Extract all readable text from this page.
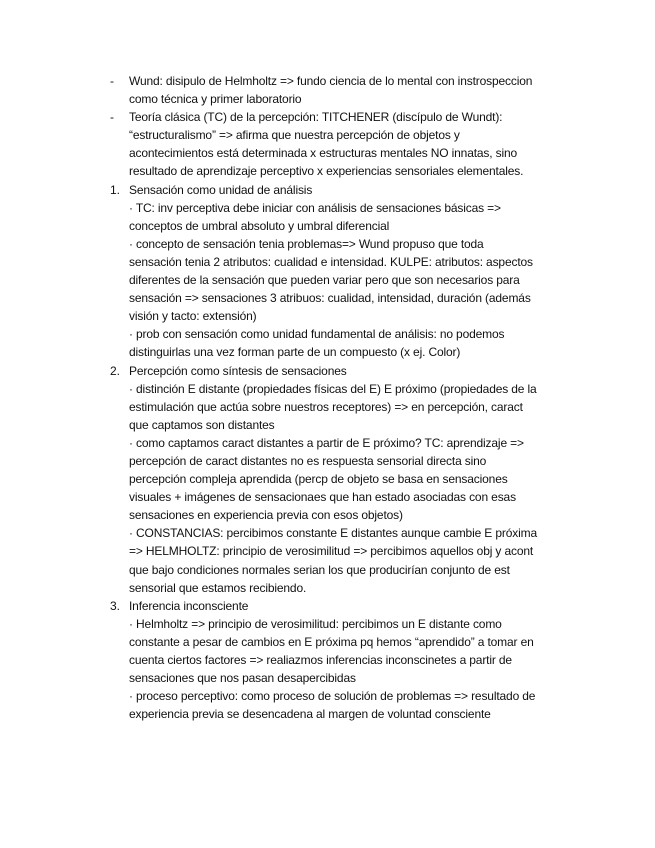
- Wund: disipulo de Helmholtz => fundo ciencia de lo mental con instrospeccion
como técnica y primer laboratorio
- Teoría clásica (TC) de la percepción: TITCHENER (discípulo de Wundt):
“estructuralismo” => afirma que nuestra percepción de objetos y
acontecimientos está determinada x estructuras mentales NO innatas, sino
resultado de aprendizaje perceptivo x experiencias sensoriales elementales.
1. Sensación como unidad de análisis
· TC: inv perceptiva debe iniciar con análisis de sensaciones básicas =>
conceptos de umbral absoluto y umbral diferencial
· concepto de sensación tenia problemas=> Wund propuso que toda
sensación tenia 2 atributos: cualidad e intensidad. KULPE: atributos: aspectos
diferentes de la sensación que pueden variar pero que son necesarios para
sensación => sensaciones 3 atribuos: cualidad, intensidad, duración (además
visión y tacto: extensión)
· prob con sensación como unidad fundamental de análisis: no podemos
distinguirlas una vez forman parte de un compuesto (x ej. Color)
2. Percepción como síntesis de sensaciones
· distinción E distante (propiedades físicas del E) E próximo (propiedades de la
estimulación que actúa sobre nuestros receptores) => en percepción, caract
que captamos son distantes
· como captamos caract distantes a partir de E próximo? TC: aprendizaje =>
percepción de caract distantes no es respuesta sensorial directa sino
percepción compleja aprendida (percp de objeto se basa en sensaciones
visuales + imágenes de sensacionaes que han estado asociadas con esas
sensaciones en experiencia previa con esos objetos)
· CONSTANCIAS: percibimos constante E distantes aunque cambie E próxima
=> HELMHOLTZ: principio de verosimilitud => percibimos aquellos obj y acont
que bajo condiciones normales serian los que producirían conjunto de est
sensorial que estamos recibiendo.
3. Inferencia inconsciente
· Helmholtz => principio de verosimilitud: percibimos un E distante como
constante a pesar de cambios en E próxima pq hemos “aprendido” a tomar en
cuenta ciertos factores => realiazmos inferencias inconscinetes a partir de
sensaciones que nos pasan desapercibidas
· proceso perceptivo: como proceso de solución de problemas => resultado de
experiencia previa se desencadena al margen de voluntad consciente
